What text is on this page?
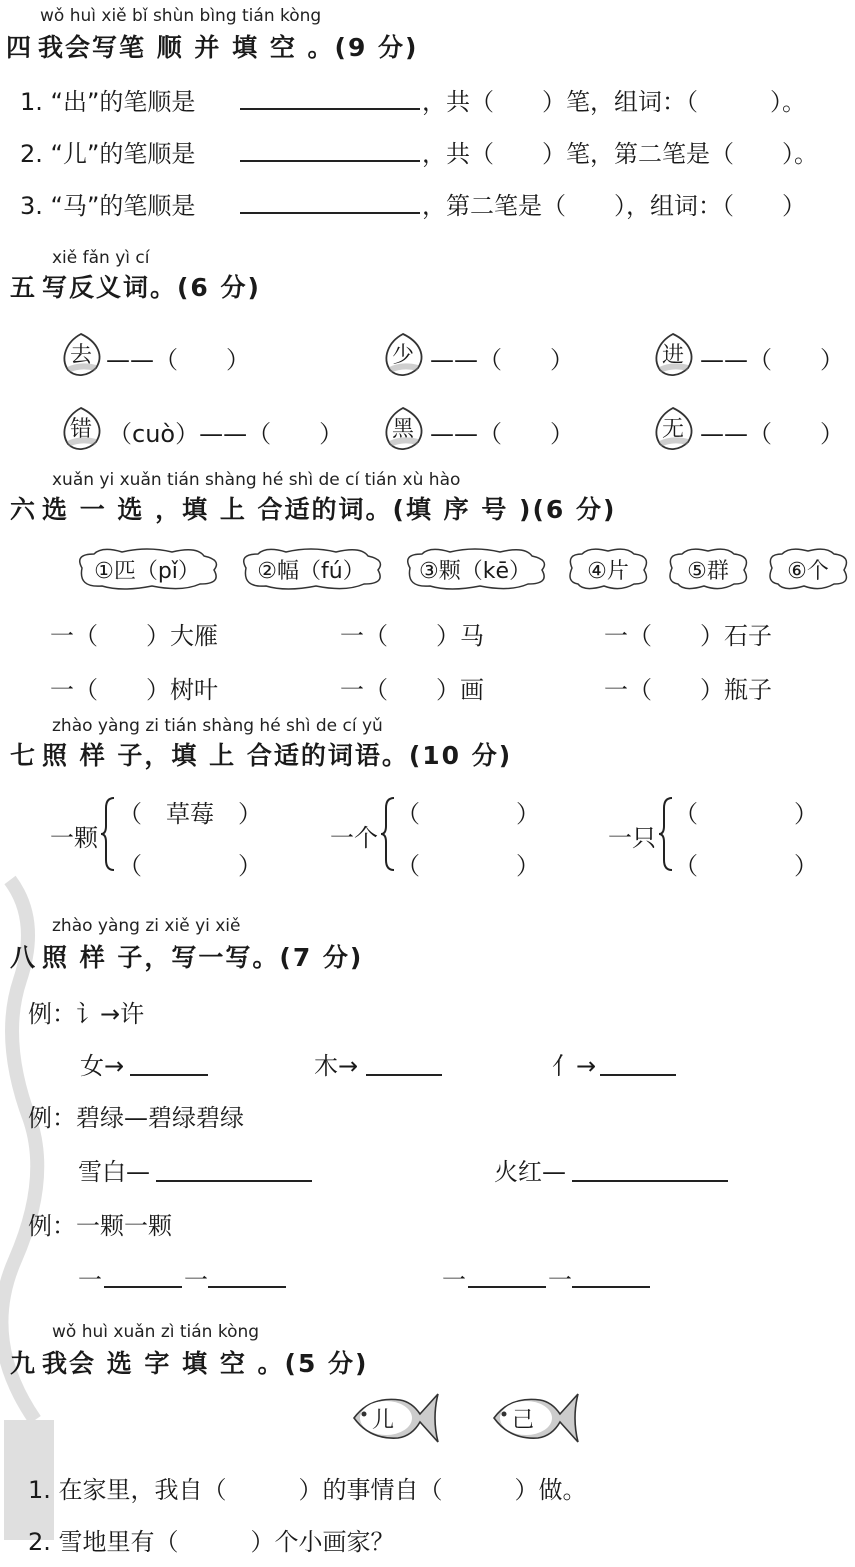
wǒ huì xiě bǐ shùn bìng tián kòng
四 我会写笔 顺 并 填 空 。(9 分)
1. “出”的笔顺是	，共（　　）笔，组词：（　　　）。
2. “儿”的笔顺是	，共（　　）笔，第二笔是（　　）。
3. “马”的笔顺是	，第二笔是（　　），组词：（　　）
xiě fǎn yì cí
五 写反义词。(6 分)
去 ——（　　）	少 ——（　　）	进 ——（　　）
错 （cuò）——（　　）	黑 ——（　　）	无 ——（　　）
xuǎn yi xuǎn tián shàng hé shì de cí tián xù hào
六 选 一 选 ，填 上 合适的词。(填 序 号 )(6 分)
①匹（pǐ）	②幅（fú）	③颗（kē）	④片	⑤群	⑥个
一（　　）大雁	一（　　）马	一（　　）石子
一（　　）树叶	一（　　）画	一（　　）瓶子
zhào yàng zi tián shàng hé shì de cí yǔ
七 照 样 子，填 上 合适的词语。(10 分)
一颗
（　草莓　）
（　　　　）
一个
（　　　　）
（　　　　）
一只
（　　　　）
（　　　　）
zhào yàng zi xiě yi xiě
八 照 样 子，写一写。(7 分)
例：讠→许
女→	木→	亻→
例：碧绿—碧绿碧绿
雪白—	火红—
例：一颗一颗
一	一	一	一
wǒ huì xuǎn zì tián kòng
九 我会 选 字 填 空 。(5 分)
儿	己
1. 在家里，我自（　　　）的事情自（　　　）做。
2. 雪地里有（　　　）个小画家？
